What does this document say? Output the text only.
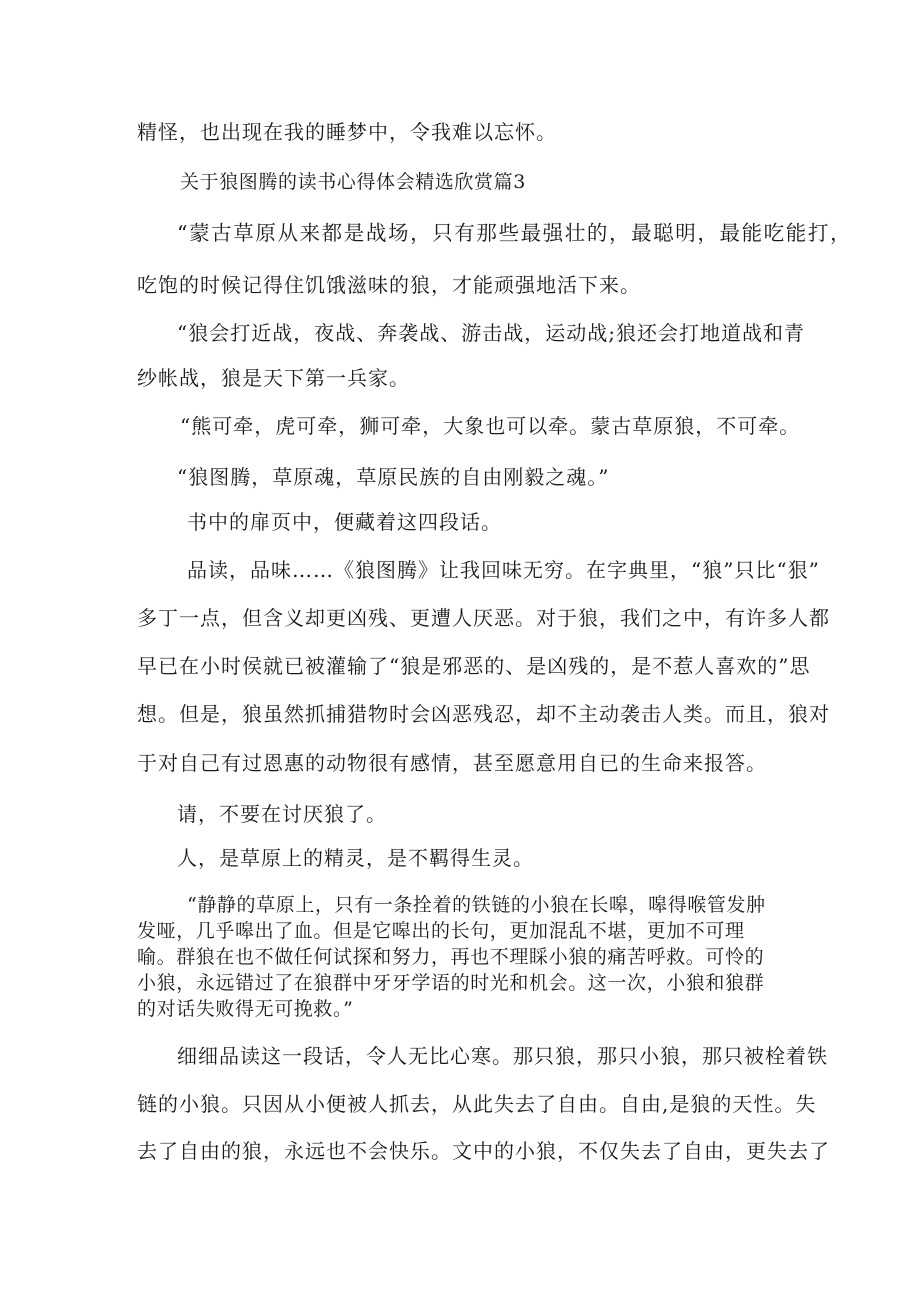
精怪，也出现在我的睡梦中，令我难以忘怀。
关于狼图腾的读书心得体会精选欣赏篇3
“蒙古草原从来都是战场，只有那些最强壮的，最聪明，最能吃能打，
吃饱的时候记得住饥饿滋味的狼，才能顽强地活下来。
“狼会打近战，夜战、奔袭战、游击战，运动战;狼还会打地道战和青
纱帐战，狼是天下第一兵家。
“熊可牵，虎可牵，狮可牵，大象也可以牵。蒙古草原狼，不可牵。
“狼图腾，草原魂，草原民族的自由刚毅之魂。”
书中的扉页中，便藏着这四段话。
品读，品味……《狼图腾》让我回味无穷。在字典里，“狼”只比“狠”
多丁一点，但含义却更凶残、更遭人厌恶。对于狼，我们之中，有许多人都
早已在小时侯就已被灌输了“狼是邪恶的、是凶残的，是不惹人喜欢的”思
想。但是，狼虽然抓捕猎物时会凶恶残忍，却不主动袭击人类。而且，狼对
于对自己有过恩惠的动物很有感情，甚至愿意用自已的生命来报答。
请，不要在讨厌狼了。
人，是草原上的精灵，是不羁得生灵。
“静静的草原上，只有一条拴着的铁链的小狼在长嗥，嗥得喉管发肿
发哑，几乎嗥出了血。但是它嗥出的长句，更加混乱不堪，更加不可理
喻。群狼在也不做任何试探和努力，再也不理睬小狼的痛苦呼救。可怜的
小狼，永远错过了在狼群中牙牙学语的时光和机会。这一次，小狼和狼群
的对话失败得无可挽救。”
细细品读这一段话，令人无比心寒。那只狼，那只小狼，那只被栓着铁
链的小狼。只因从小便被人抓去，从此失去了自由。自由,是狼的天性。失
去了自由的狼，永远也不会快乐。文中的小狼，不仅失去了自由，更失去了
